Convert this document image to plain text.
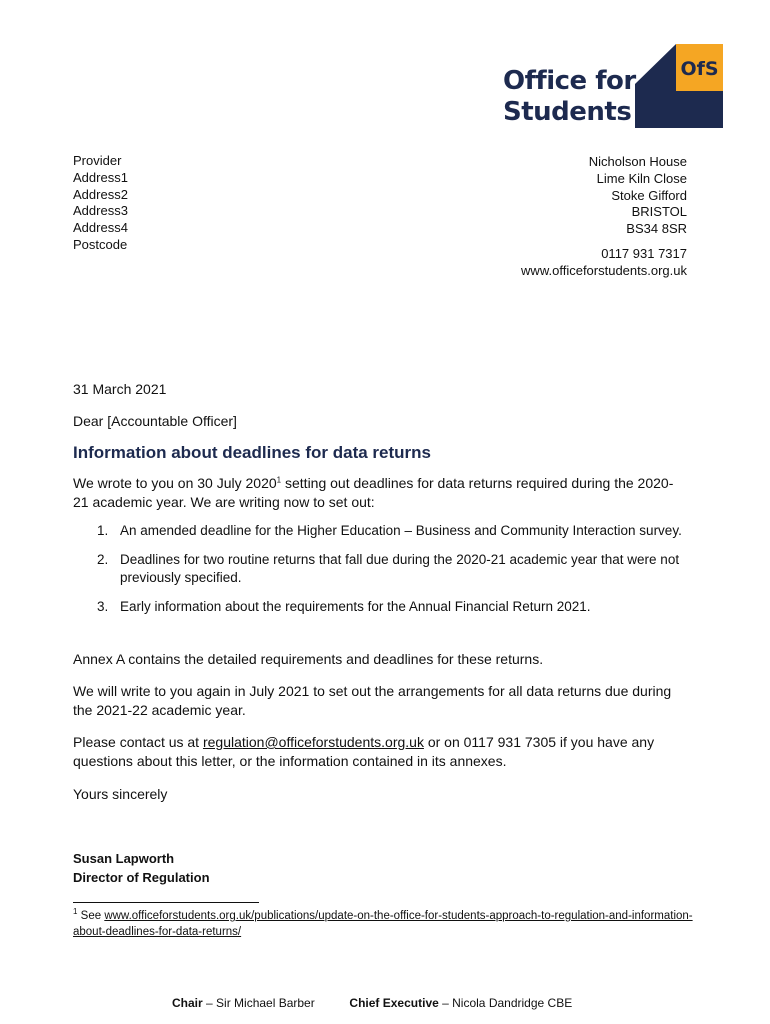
Office for
Students
OfS
Provider
Address1
Address2
Address3
Address4
Postcode
Nicholson House
Lime Kiln Close
Stoke Gifford
BRISTOL
BS34 8SR
0117 931 7317
www.officeforstudents.org.uk
31 March 2021
Dear [Accountable Officer]
Information about deadlines for data returns
We wrote to you on 30 July 2020$^1$ setting out deadlines for data returns required during the 2020-21 academic year. We are writing now to set out:
1. An amended deadline for the Higher Education – Business and Community Interaction survey.
2. Deadlines for two routine returns that fall due during the 2020-21 academic year that were not previously specified.
3. Early information about the requirements for the Annual Financial Return 2021.
Annex A contains the detailed requirements and deadlines for these returns.
We will write to you again in July 2021 to set out the arrangements for all data returns due during the 2021-22 academic year.
Please contact us at regulation@officeforstudents.org.uk or on 0117 931 7305 if you have any questions about this letter, or the information contained in its annexes.
Yours sincerely
Susan Lapworth
Director of Regulation
$^1$ See www.officeforstudents.org.uk/publications/update-on-the-office-for-students-approach-to-regulation-and-information-about-deadlines-for-data-returns/
Chair – Sir Michael Barber	Chief Executive – Nicola Dandridge CBE
